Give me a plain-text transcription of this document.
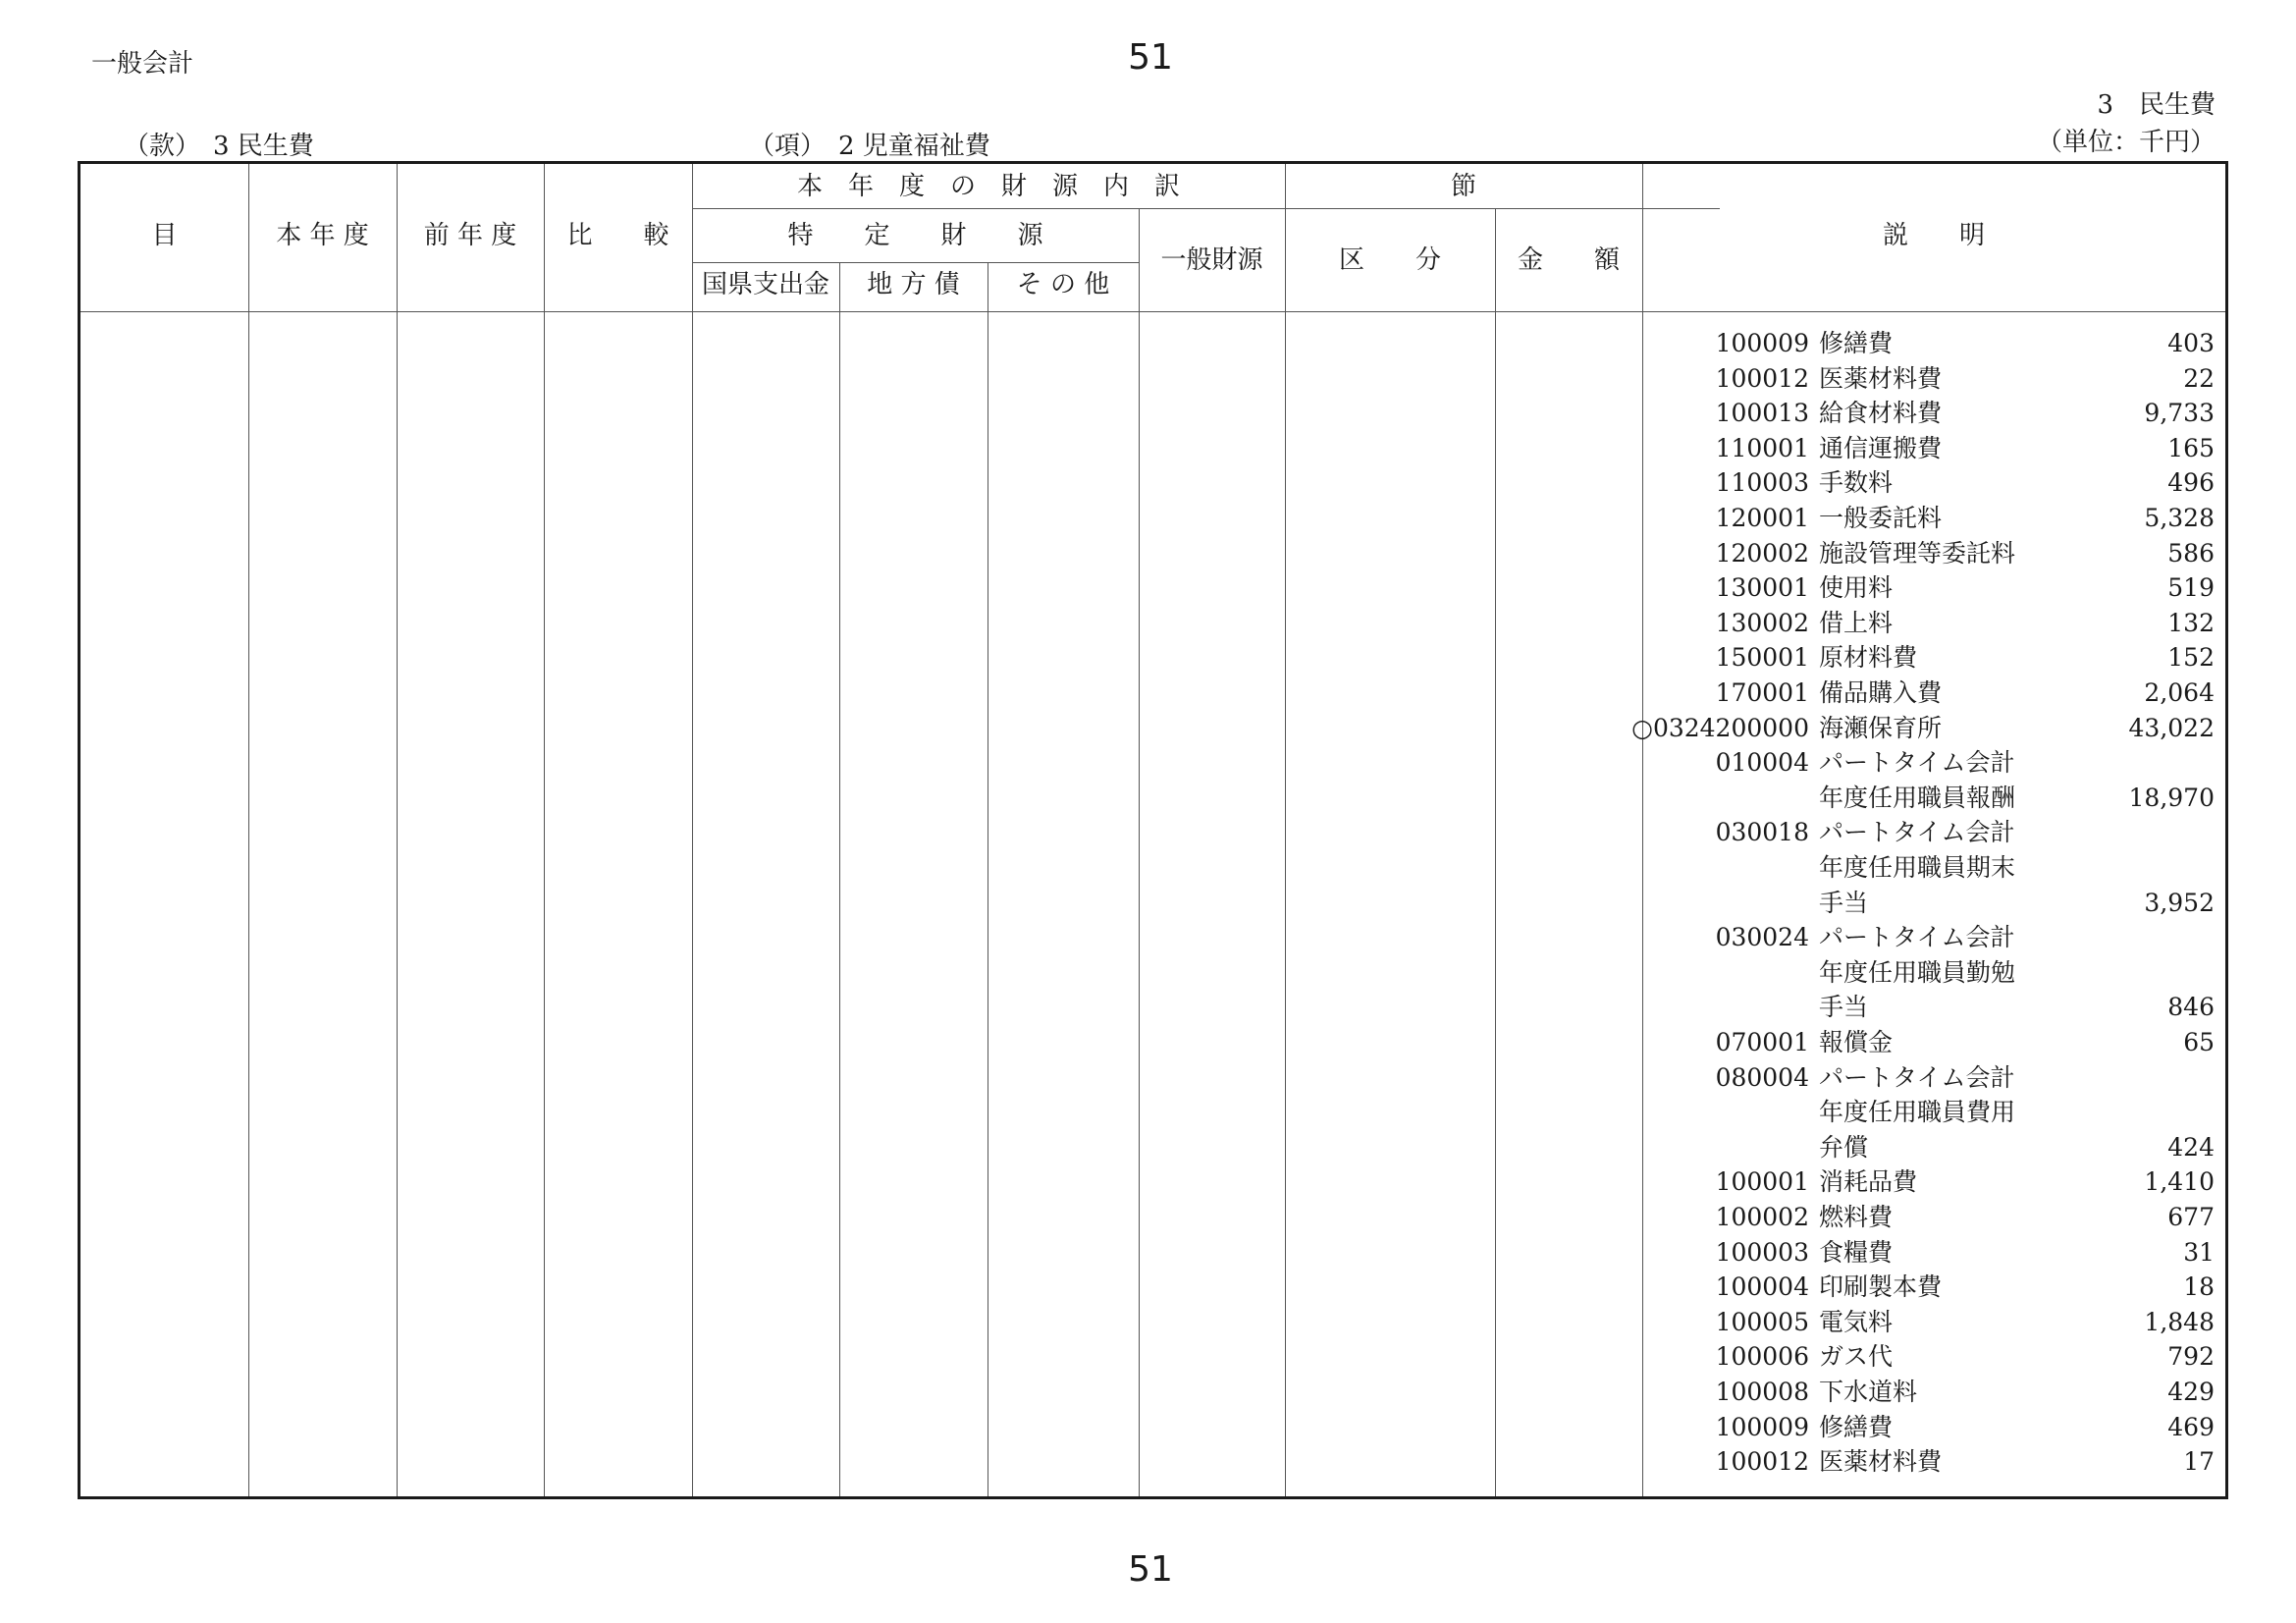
一般会計	51
3　民生費
（款）　3 民生費	（項）　2 児童福祉費	（単位：千円）
目	本 年 度	前 年 度	比　　較
本　年　度　の　財　源　内　訳
特　　定　　財　　源
国県支出金	地 方 債	そ の 他
一般財源
節
区　　分	金　　額
説　　明
100009 修繕費	403
100012 医薬材料費	22
100013 給食材料費	9,733
110001 通信運搬費	165
110003 手数料	496
120001 一般委託料	5,328
120002 施設管理等委託料	586
130001 使用料	519
130002 借上料	132
150001 原材料費	152
170001 備品購入費	2,064
○0324200000 海瀬保育所	43,022
010004 パートタイム会計
年度任用職員報酬	18,970
030018 パートタイム会計
年度任用職員期末
手当	3,952
030024 パートタイム会計
年度任用職員勤勉
手当	846
070001 報償金	65
080004 パートタイム会計
年度任用職員費用
弁償	424
100001 消耗品費	1,410
100002 燃料費	677
100003 食糧費	31
100004 印刷製本費	18
100005 電気料	1,848
100006 ガス代	792
100008 下水道料	429
100009 修繕費	469
100012 医薬材料費	17
51
